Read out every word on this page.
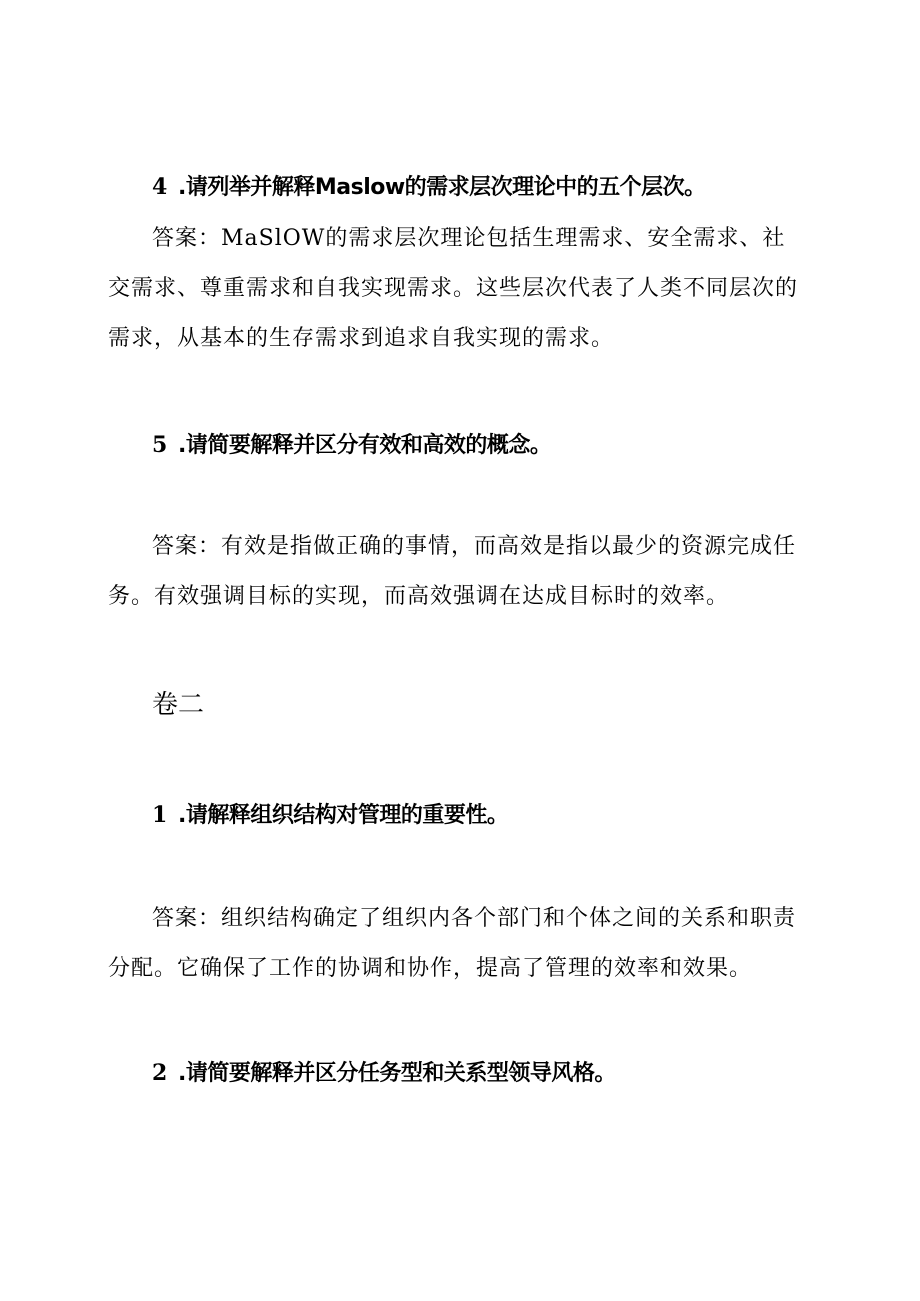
4 .请列举并解释Maslow的需求层次理论中的五个层次。

答案：MaSlOW的需求层次理论包括生理需求、安全需求、社交需求、尊重需求和自我实现需求。这些层次代表了人类不同层次的需求，从基本的生存需求到追求自我实现的需求。

5 .请简要解释并区分有效和高效的概念。

答案：有效是指做正确的事情，而高效是指以最少的资源完成任务。有效强调目标的实现，而高效强调在达成目标时的效率。

卷二
1 .请解释组织结构对管理的重要性。

答案：组织结构确定了组织内各个部门和个体之间的关系和职责分配。它确保了工作的协调和协作，提高了管理的效率和效果。

2 .请简要解释并区分任务型和关系型领导风格。
